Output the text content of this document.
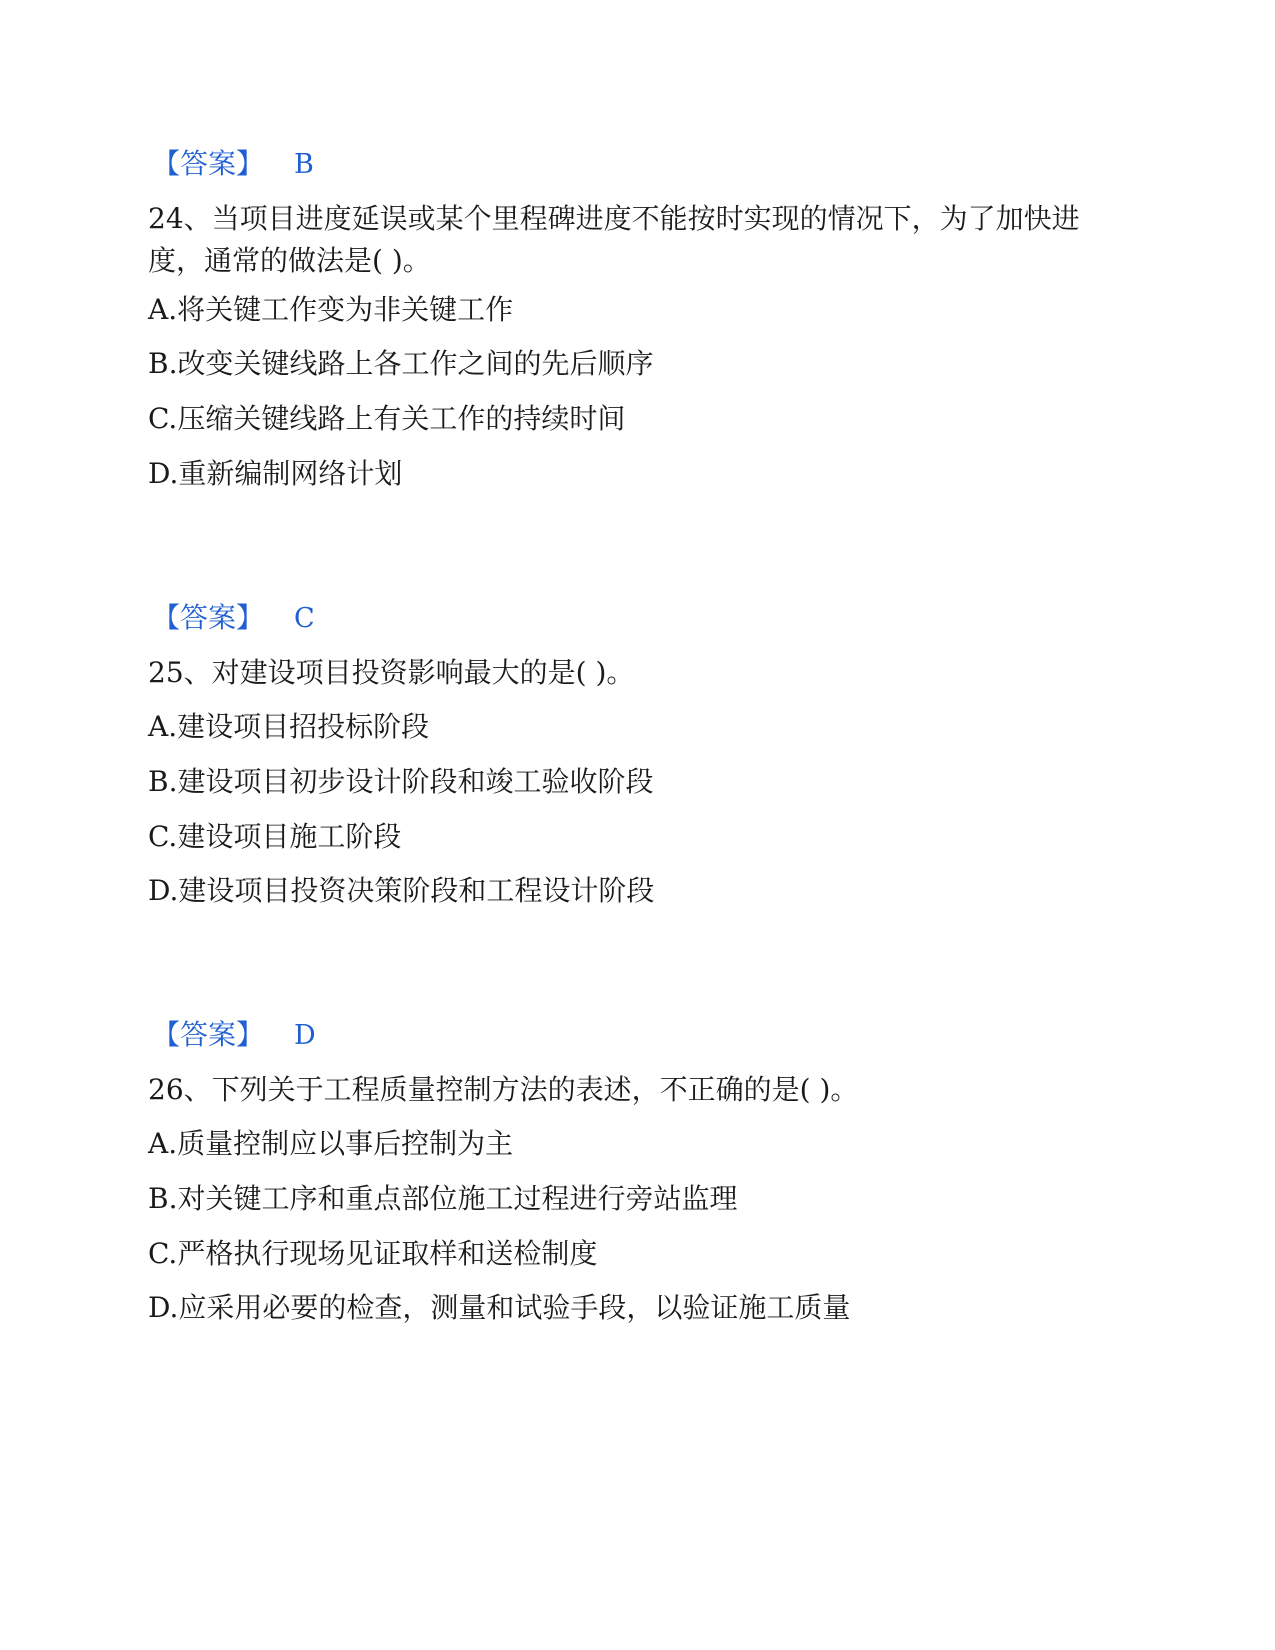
【答案】 B
24、当项目进度延误或某个里程碑进度不能按时实现的情况下，为了加快进度，通常的做法是( )。
A.将关键工作变为非关键工作
B.改变关键线路上各工作之间的先后顺序
C.压缩关键线路上有关工作的持续时间
D.重新编制网络计划
【答案】 C
25、对建设项目投资影响最大的是( )。
A.建设项目招投标阶段
B.建设项目初步设计阶段和竣工验收阶段
C.建设项目施工阶段
D.建设项目投资决策阶段和工程设计阶段
【答案】 D
26、下列关于工程质量控制方法的表述，不正确的是( )。
A.质量控制应以事后控制为主
B.对关键工序和重点部位施工过程进行旁站监理
C.严格执行现场见证取样和送检制度
D.应采用必要的检查，测量和试验手段，以验证施工质量
